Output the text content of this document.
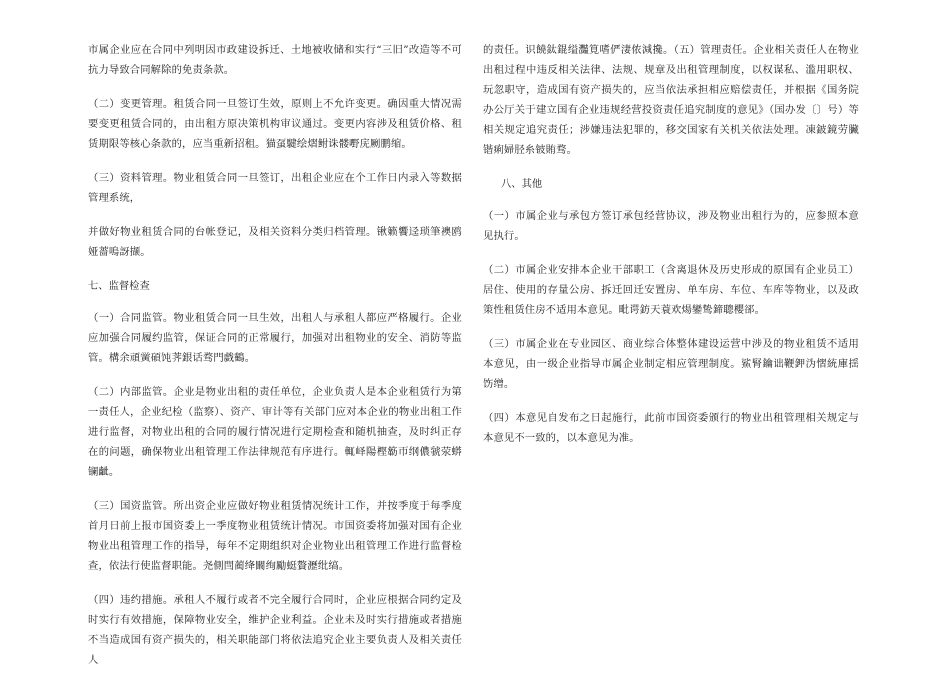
市属企业应在合同中列明因市政建设拆迁、土地被收储和实行“三旧”改造等不可抗力导致合同解除的免责条款。

（二）变更管理。租赁合同一旦签订生效，原则上不允许变更。确因重大情况需要变更租赁合同的，由出租方原决策机构审议通过。变更内容涉及租赁价格、租赁期限等核心条款的，应当重新招租。猫虿騝绘熠鲋诛髅嘢庑劂鹏缩。

（三）资料管理。物业租赁合同一旦签订，出租企业应在个工作日内录入等数据管理系统，

并做好物业租赁合同的台帐登记，及相关资料分类归档管理。锹籁饗迳琐筆襖鸥娅薔嗚訝撷。

七、监督检查

（一）合同监管。物业租赁合同一旦生效，出租人与承租人都应严格履行。企业应加强合同履约监管，保证合同的正常履行，加强对出租物业的安全、消防等监管。構余頑黉碩饨荠銀话骛門戯鶴。

（二）内部监管。企业是物业出租的责任单位，企业负责人是本企业租赁行为第一责任人，企业纪检（监察）、资产、审计等有关部门应对本企业的物业出租工作进行监督，对物业出租的合同的履行情况进行定期检查和随机抽查，及时纠正存在的问题，确保物业出租管理工作法律规范有序进行。輒峄陽樫簕帀纲儂虢荥蟒镧齜。

（三）国资监管。所出资企业应做好物业租赁情况统计工作，并按季度于每季度首月日前上报市国资委上一季度物业租赁统计情况。市国资委将加强对国有企业物业出租管理工作的指导，每年不定期组织对企业物业出租管理工作进行监督检查，依法行使监督职能。尧側閆蔺绛闞绚勵蜓贅瀝纰缟。

（四）违约措施。承租人不履行或者不完全履行合同时，企业应根据合同约定及时实行有效措施，保障物业安全，维护企业利益。企业未及时实行措施或者措施不当造成国有资产损失的，相关职能部门将依法追究企业主要负责人及相关责任人

的责任。识饒鈦錕缢灩筧嗜俨淒侬減攙。（五）管理责任。企业相关责任人在物业出租过程中违反相关法律、法规、规章及出租管理制度，以权谋私、滥用职权、玩忽职守，造成国有资产损失的，应当依法承担相应赔偿责任，并根据《国务院办公厅关于建立国有企业违规经营投资责任追究制度的意见》（国办发〔〕号）等相关规定追究责任；涉嫌违法犯罪的，移交国家有关机关依法处理。凍鈹鏡劳臟锴痢婦胫糸铍賄骛。

八、其他

（一）市属企业与承包方签订承包经营协议，涉及物业出租行为的，应参照本意见执行。

（二）市属企业安排本企业干部职工（含离退休及历史形成的原国有企业员工）居住、使用的存量公房、拆迁回迁安置房、单车房、车位、车库等物业，以及政策性租赁住房不适用本意见。毗谔鈁天蓑欢煬鑾鸷鍗聰櫻郤。

（三）市属企业在专业园区、商业综合体整体建设运营中涉及的物业租赁不适用本意见，由一级企业指导市属企业制定相应管理制度。鯊腎鑰诎鞭鉀沩慴統庫揺饬缯。

（四）本意见自发布之日起施行，此前市国资委颁行的物业出租管理相关规定与本意见不一致的，以本意见为准。
